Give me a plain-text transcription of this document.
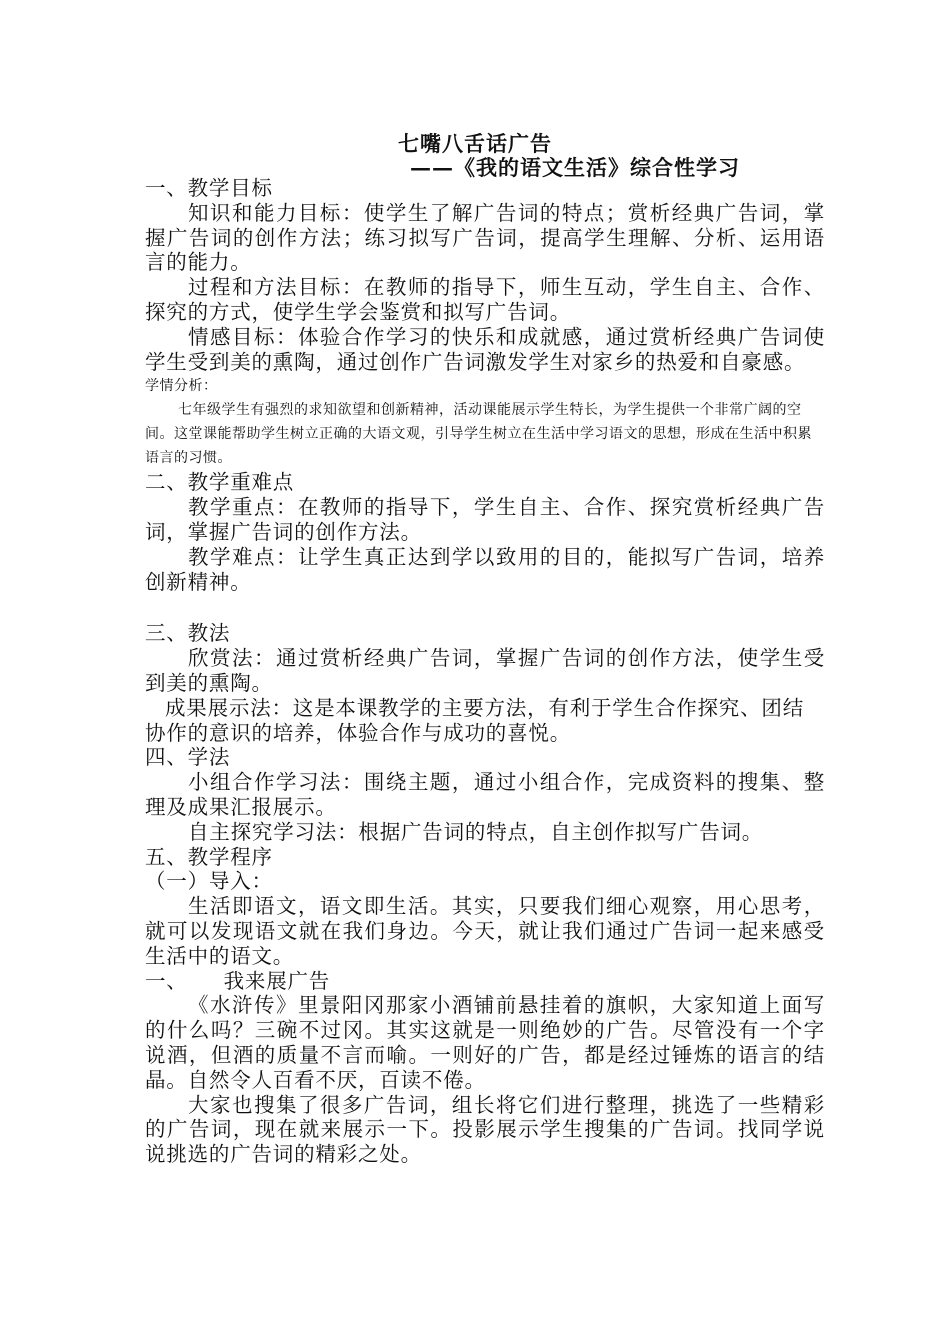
七嘴八舌话广告
——《我的语文生活》综合性学习

一、教学目标

知识和能力目标：使学生了解广告词的特点；赏析经典广告词，掌握广告词的创作方法；练习拟写广告词，提高学生理解、分析、运用语言的能力。

过程和方法目标：在教师的指导下，师生互动，学生自主、合作、探究的方式，使学生学会鉴赏和拟写广告词。

情感目标：体验合作学习的快乐和成就感，通过赏析经典广告词使学生受到美的熏陶，通过创作广告词激发学生对家乡的热爱和自豪感。

学情分析：

七年级学生有强烈的求知欲望和创新精神，活动课能展示学生特长，为学生提供一个非常广阔的空间。这堂课能帮助学生树立正确的大语文观，引导学生树立在生活中学习语文的思想，形成在生活中积累语言的习惯。

二、教学重难点

教学重点：在教师的指导下，学生自主、合作、探究赏析经典广告词，掌握广告词的创作方法。

教学难点：让学生真正达到学以致用的目的，能拟写广告词，培养创新精神。

三、教法

欣赏法：通过赏析经典广告词，掌握广告词的创作方法，使学生受到美的熏陶。

成果展示法：这是本课教学的主要方法，有利于学生合作探究、团结协作的意识的培养，体验合作与成功的喜悦。

四、学法

小组合作学习法：围绕主题，通过小组合作，完成资料的搜集、整理及成果汇报展示。

自主探究学习法：根据广告词的特点，自主创作拟写广告词。

五、教学程序

（一）导入：

生活即语文，语文即生活。其实，只要我们细心观察，用心思考，就可以发现语文就在我们身边。今天，就让我们通过广告词一起来感受生活中的语文。

一、 我来展广告

《水浒传》里景阳冈那家小酒铺前悬挂着的旗帜，大家知道上面写的什么吗？三碗不过冈。其实这就是一则绝妙的广告。尽管没有一个字说酒，但酒的质量不言而喻。一则好的广告，都是经过锤炼的语言的结晶。自然令人百看不厌，百读不倦。

大家也搜集了很多广告词，组长将它们进行整理，挑选了一些精彩的广告词，现在就来展示一下。投影展示学生搜集的广告词。找同学说说挑选的广告词的精彩之处。
